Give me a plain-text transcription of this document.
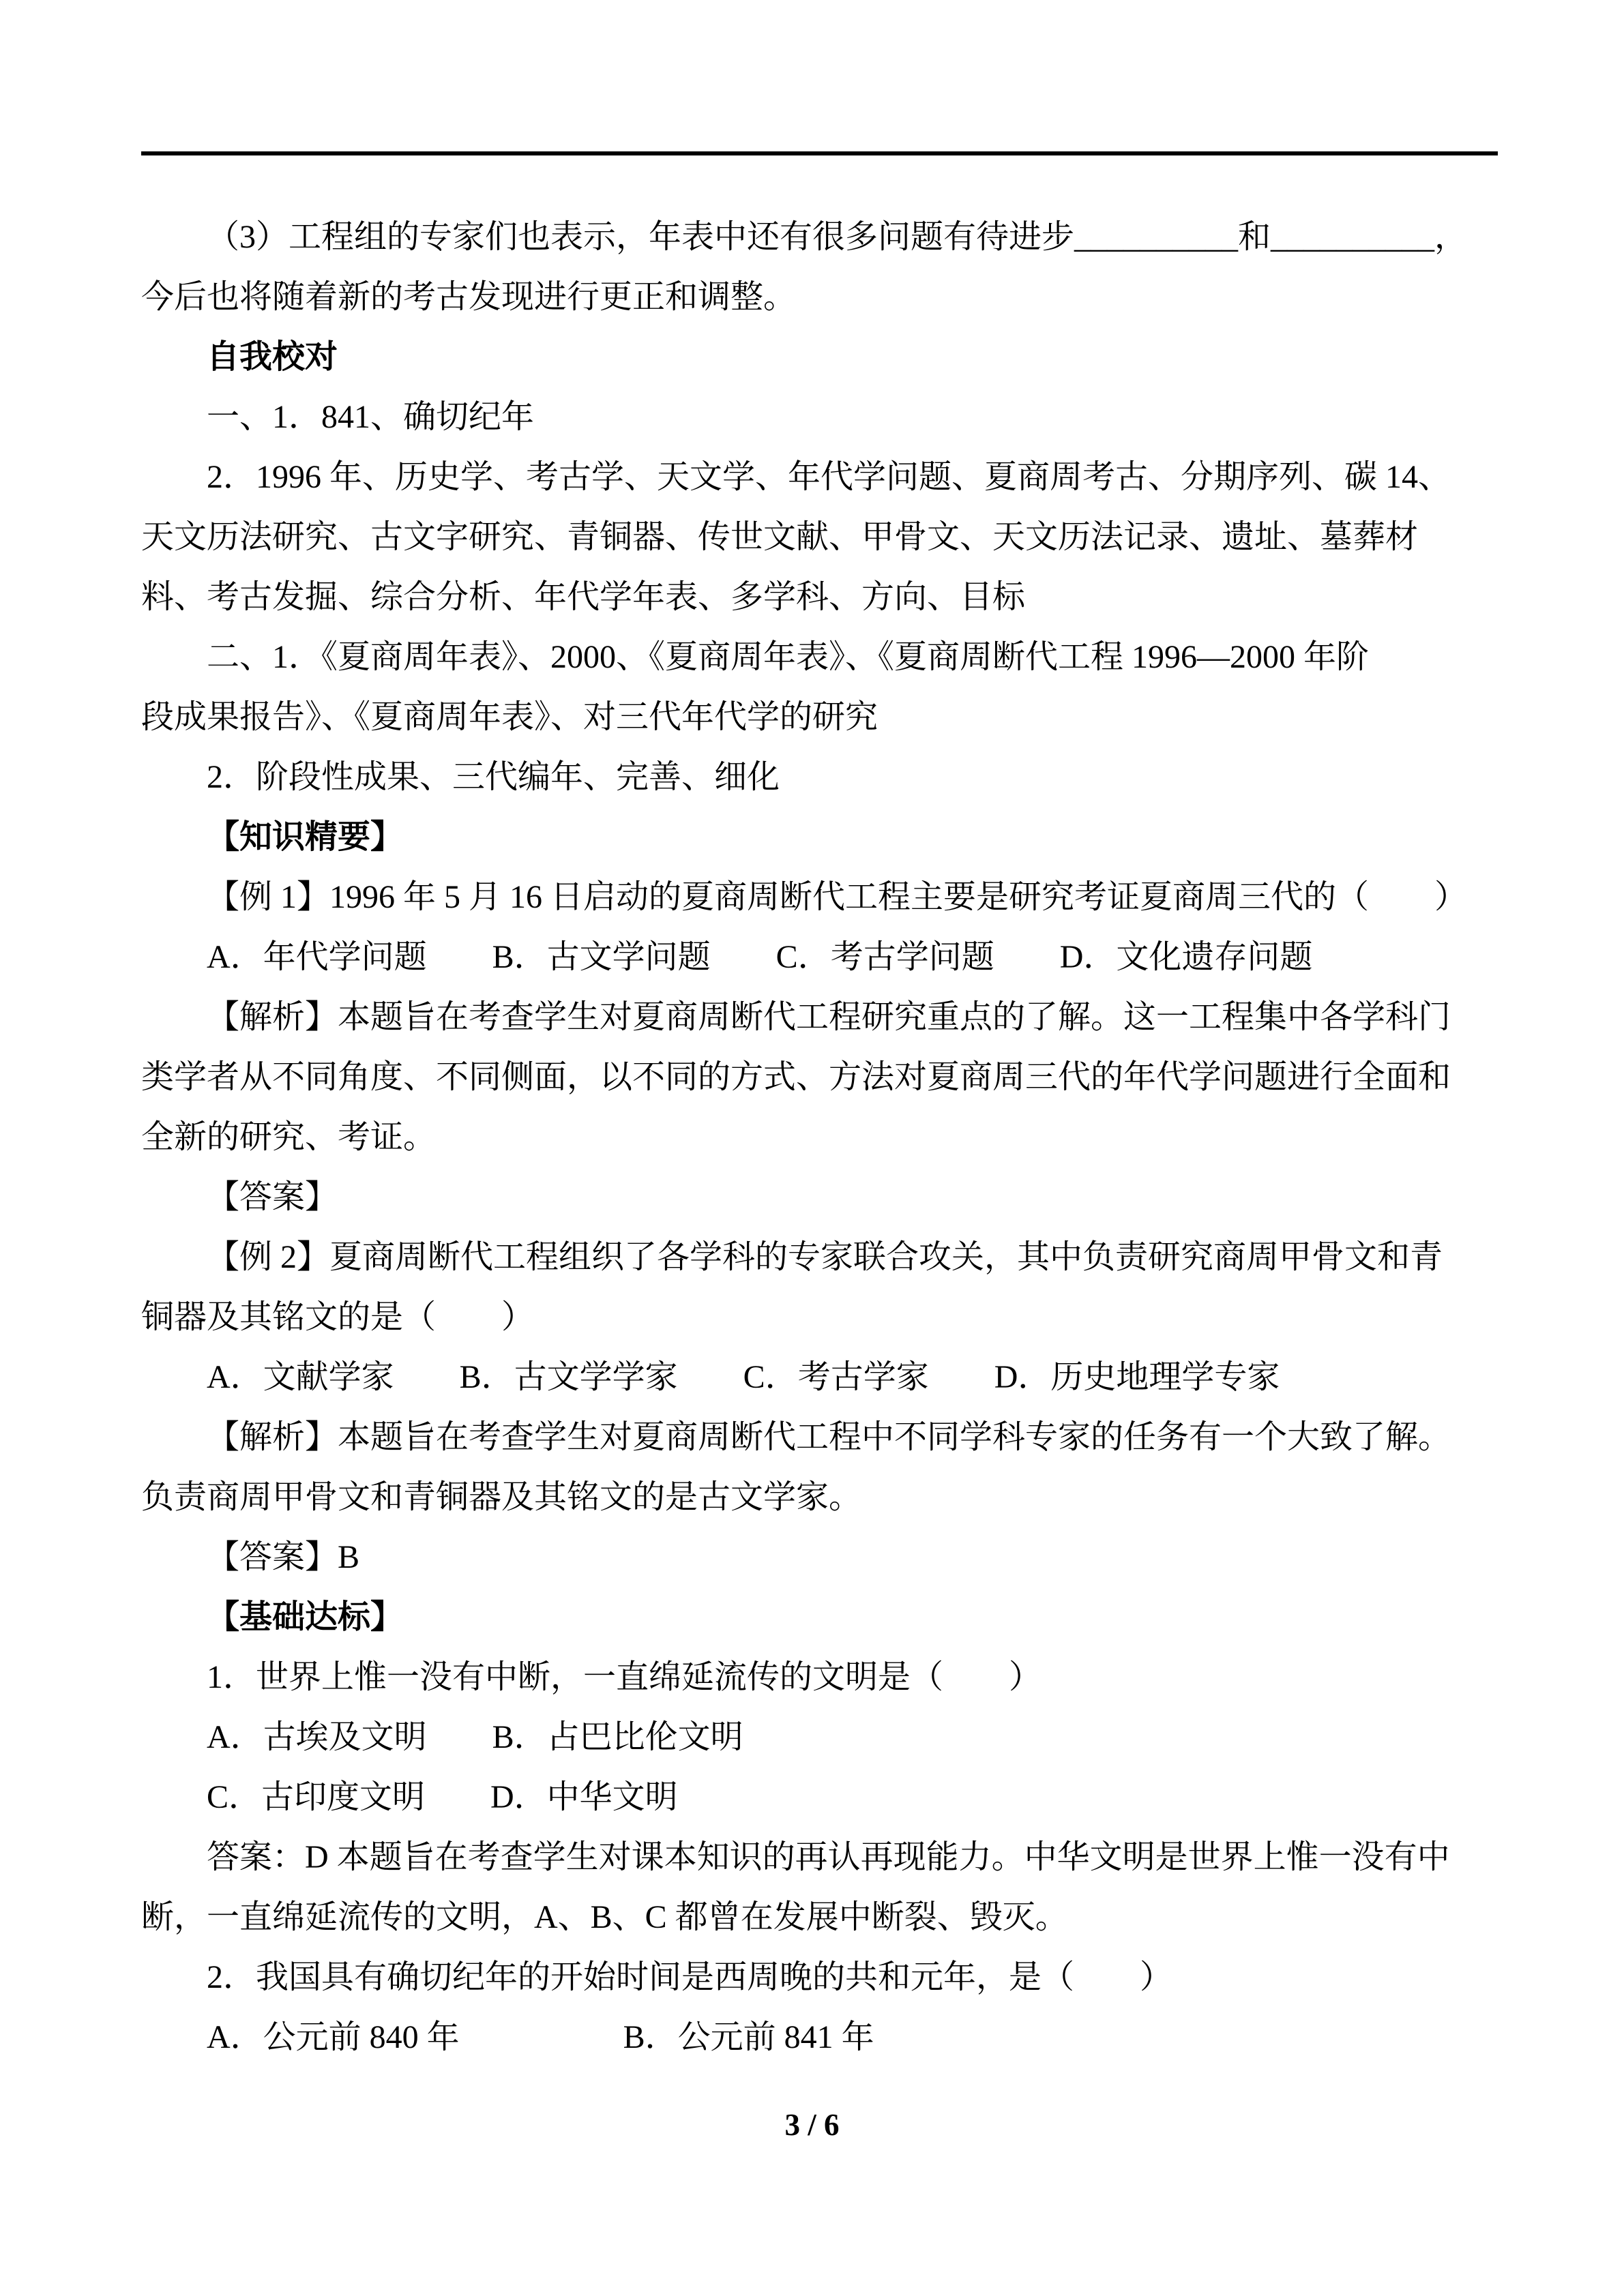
（3）工程组的专家们也表示，年表中还有很多问题有待进步__________和__________，
今后也将随着新的考古发现进行更正和调整。
自我校对
一、1．841、确切纪年
2．1996 年、历史学、考古学、天文学、年代学问题、夏商周考古、分期序列、碳 14、
天文历法研究、古文字研究、青铜器、传世文献、甲骨文、天文历法记录、遗址、墓葬材
料、考古发掘、综合分析、年代学年表、多学科、方向、目标
二、1．《夏商周年表》、2000、《夏商周年表》、《夏商周断代工程 1996—2000 年阶
段成果报告》、《夏商周年表》、对三代年代学的研究
2．阶段性成果、三代编年、完善、细化
【知识精要】
【例 1】1996 年 5 月 16 日启动的夏商周断代工程主要是研究考证夏商周三代的（　　）
A．年代学问题　　B．古文学问题　　C．考古学问题　　D．文化遗存问题
【解析】本题旨在考查学生对夏商周断代工程研究重点的了解。这一工程集中各学科门
类学者从不同角度、不同侧面，以不同的方式、方法对夏商周三代的年代学问题进行全面和
全新的研究、考证。
【答案】
【例 2】夏商周断代工程组织了各学科的专家联合攻关，其中负责研究商周甲骨文和青
铜器及其铭文的是（　　）
A．文献学家　　B．古文学学家　　C．考古学家　　D．历史地理学专家
【解析】本题旨在考查学生对夏商周断代工程中不同学科专家的任务有一个大致了解。
负责商周甲骨文和青铜器及其铭文的是古文学家。
【答案】B
【基础达标】
1．世界上惟一没有中断，一直绵延流传的文明是（　　）
A．古埃及文明　　B．占巴比伦文明
C．古印度文明　　D．中华文明
答案：D 本题旨在考查学生对课本知识的再认再现能力。中华文明是世界上惟一没有中
断，一直绵延流传的文明，A、B、C 都曾在发展中断裂、毁灭。
2．我国具有确切纪年的开始时间是西周晚的共和元年，是（　　）
A．公元前 840 年　　　　　B．公元前 841 年
3 / 6
